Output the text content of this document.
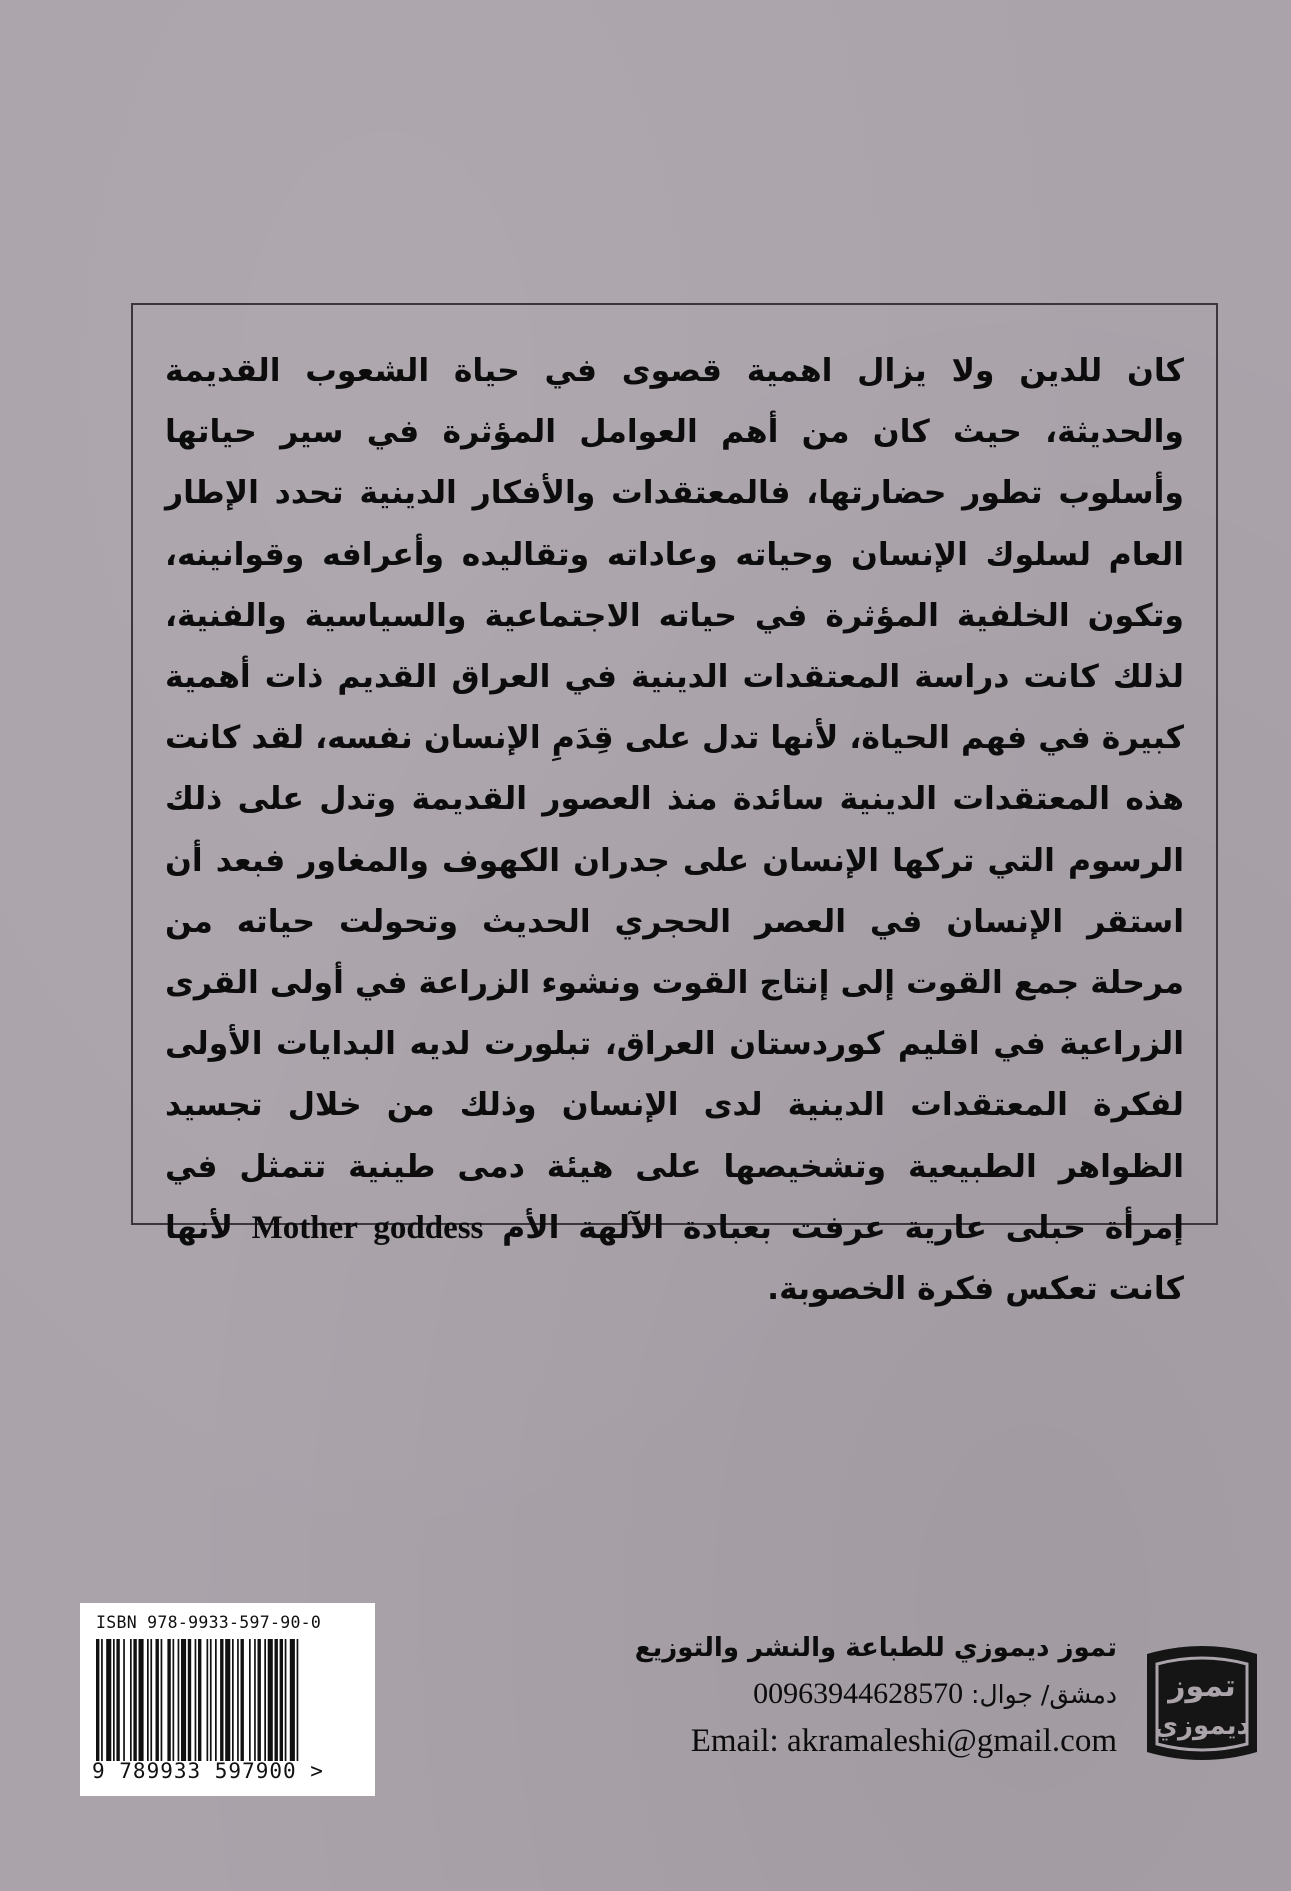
كان للدين ولا يزال اهمية قصوى في حياة الشعوب القديمة والحديثة، حيث كان من أهم العوامل المؤثرة في سير حياتها وأسلوب تطور حضارتها، فالمعتقدات والأفكار الدينية تحدد الإطار العام لسلوك الإنسان وحياته وعاداته وتقاليده وأعرافه وقوانينه، وتكون الخلفية المؤثرة في حياته الاجتماعية والسياسية والفنية، لذلك كانت دراسة المعتقدات الدينية في العراق القديم ذات أهمية كبيرة في فهم الحياة، لأنها تدل على قِدَمِ الإنسان نفسه، لقد كانت هذه المعتقدات الدينية سائدة منذ العصور القديمة وتدل على ذلك الرسوم التي تركها الإنسان على جدران الكهوف والمغاور فبعد أن استقر الإنسان في العصر الحجري الحديث وتحولت حياته من مرحلة جمع القوت إلى إنتاج القوت ونشوء الزراعة في أولى القرى الزراعية في اقليم كوردستان العراق، تبلورت لديه البدايات الأولى لفكرة المعتقدات الدينية لدى الإنسان وذلك من خلال تجسيد الظواهر الطبيعية وتشخيصها على هيئة دمى طينية تتمثل في إمرأة حبلى عارية عرفت بعبادة الآلهة الأم Mother goddess لأنها كانت تعكس فكرة الخصوبة.

ISBN 978-9933-597-90-0
9 789933 597900 >
تموز
ديموزي
تموز ديموزي للطباعة والنشر والتوزيع
دمشق/ جوال: 00963944628570
Email: akramaleshi@gmail.com
